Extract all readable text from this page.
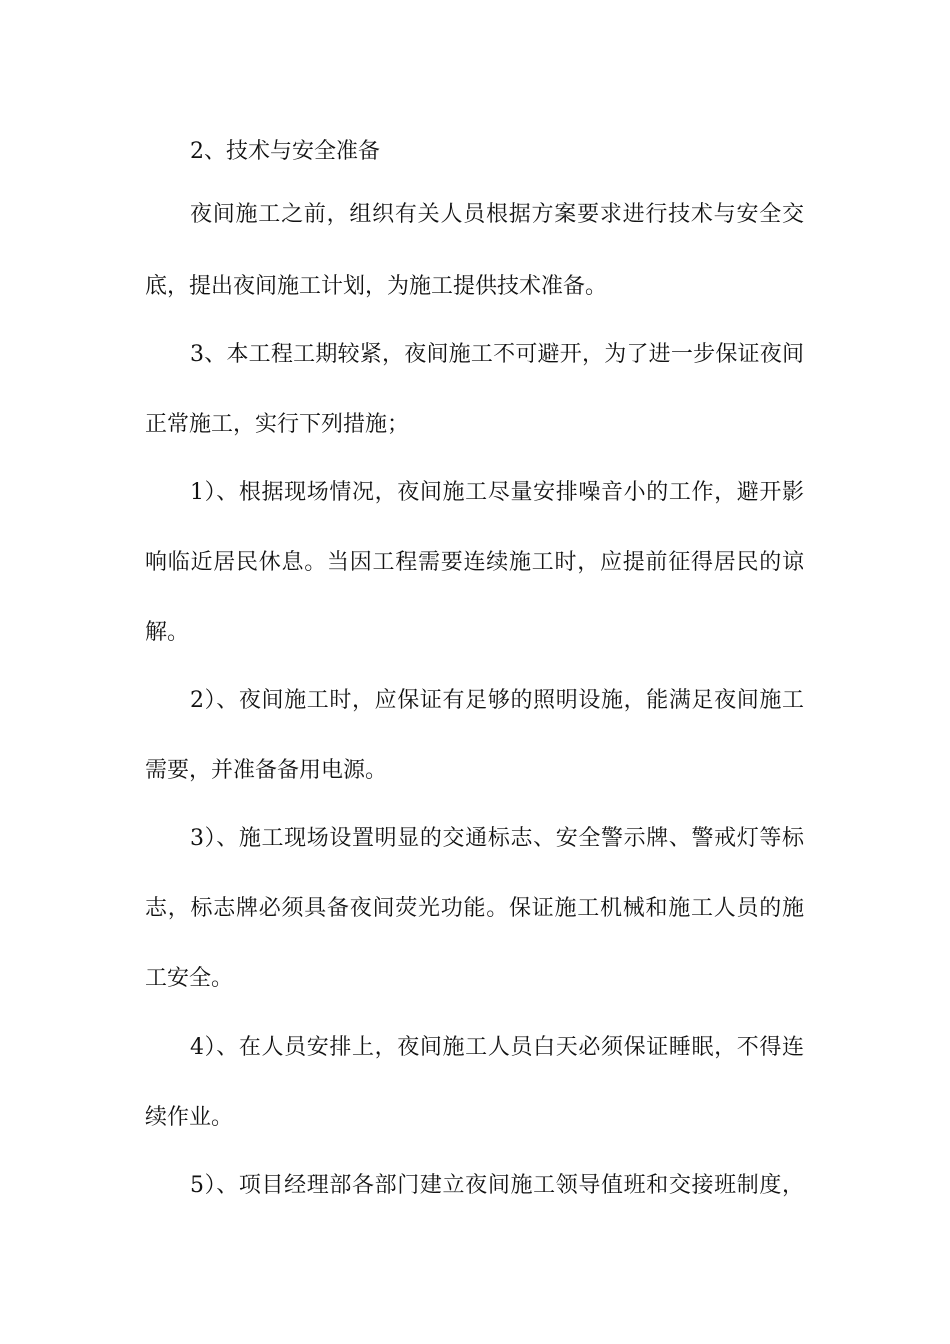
2、技术与安全准备

夜间施工之前，组织有关人员根据方案要求进行技术与安全交

底，提出夜间施工计划，为施工提供技术准备。

3、本工程工期较紧，夜间施工不可避开，为了进一步保证夜间

正常施工，实行下列措施；

1）、根据现场情况，夜间施工尽量安排噪音小的工作，避开影

响临近居民休息。当因工程需要连续施工时，应提前征得居民的谅

解。

2）、夜间施工时，应保证有足够的照明设施，能满足夜间施工

需要，并准备备用电源。

3）、施工现场设置明显的交通标志、安全警示牌、警戒灯等标

志，标志牌必须具备夜间荧光功能。保证施工机械和施工人员的施

工安全。

4）、在人员安排上，夜间施工人员白天必须保证睡眠，不得连

续作业。

5）、项目经理部各部门建立夜间施工领导值班和交接班制度，
